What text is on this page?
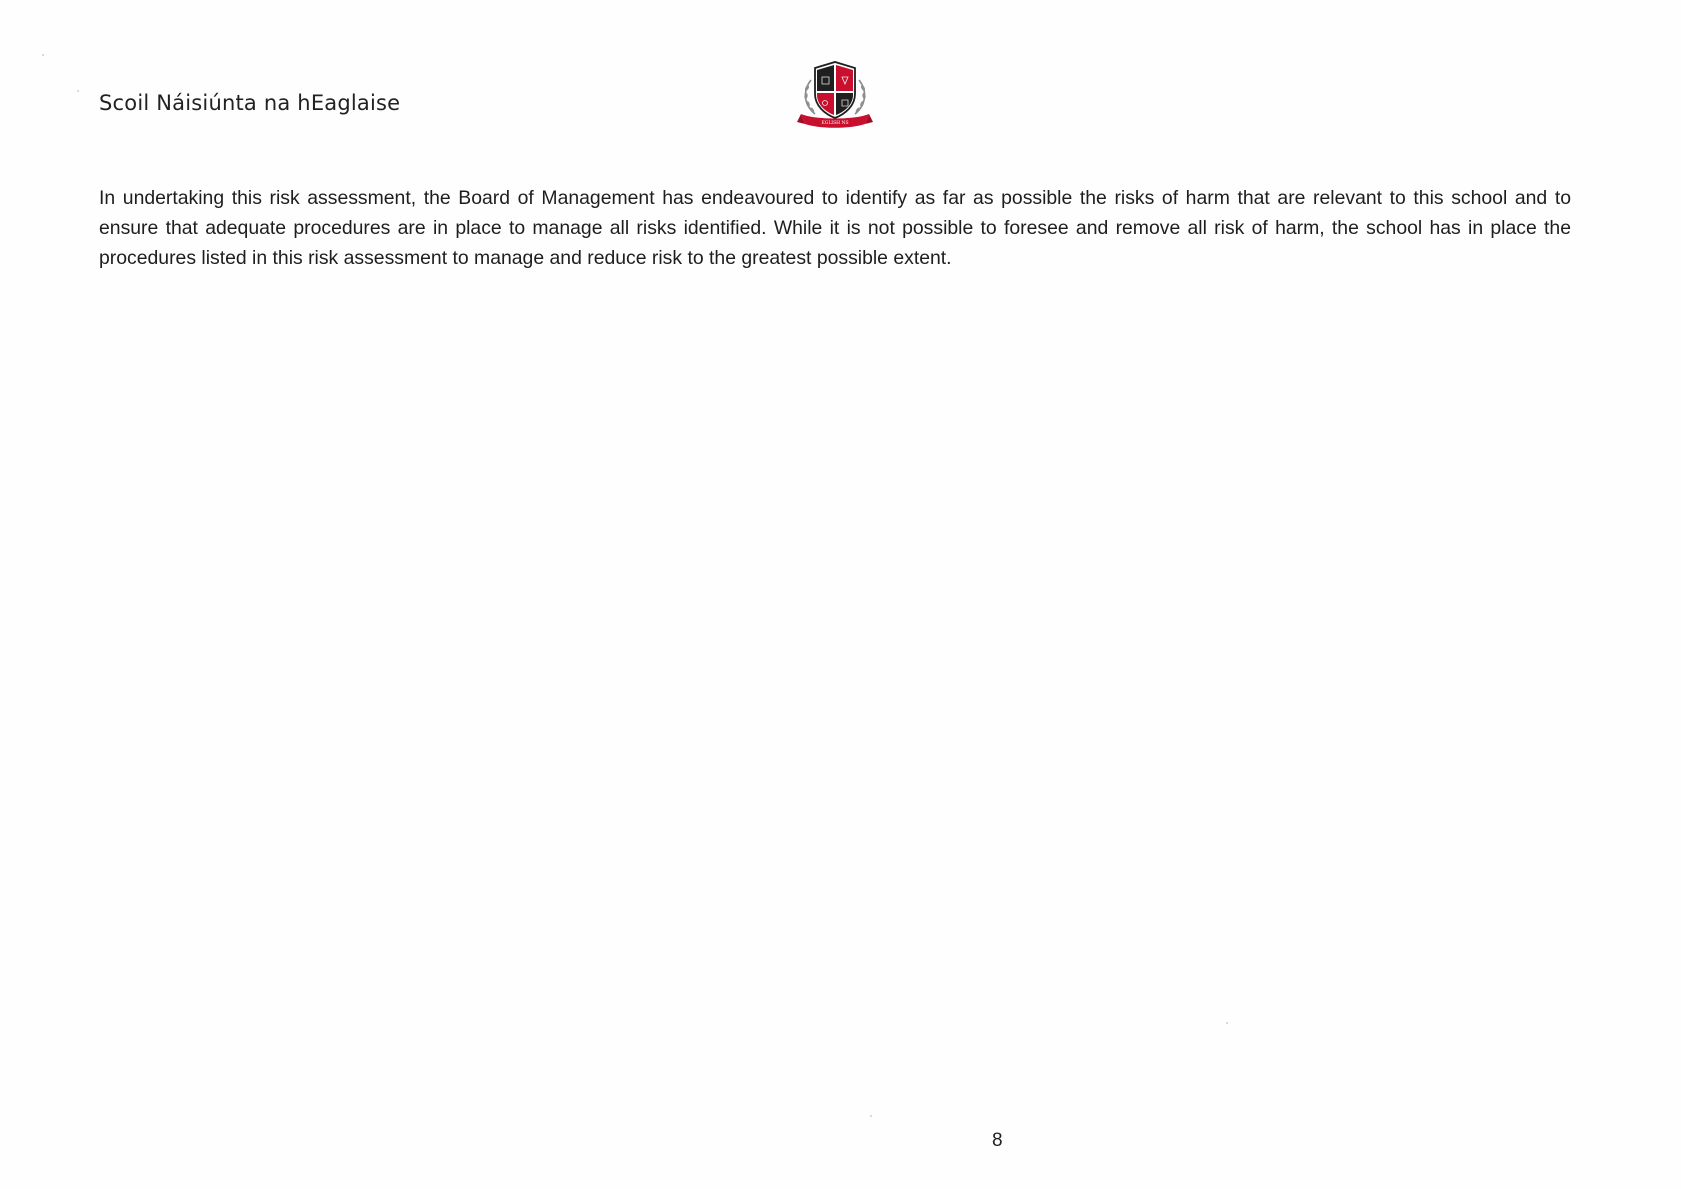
Scoil Náisiúnta na hEaglaise
EGLISH NS

In undertaking this risk assessment, the Board of Management has endeavoured to identify as far as possible the risks of harm that are relevant to this school and to ensure that adequate procedures are in place to manage all risks identified. While it is not possible to foresee and remove all risk of harm, the school has in place the procedures listed in this risk assessment to manage and reduce risk to the greatest possible extent.

8
